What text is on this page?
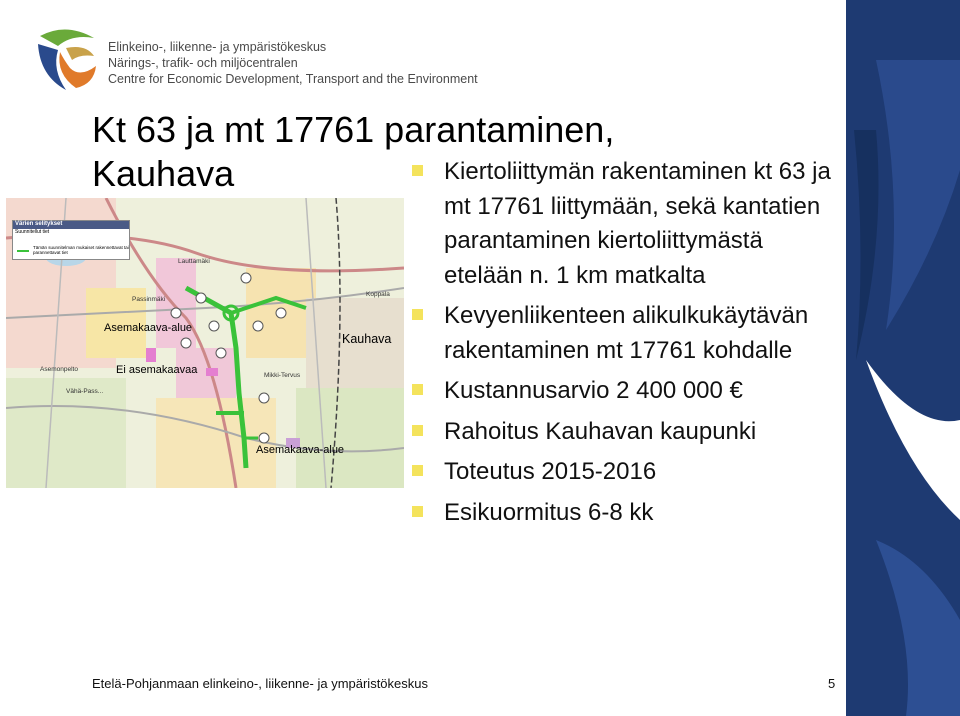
Elinkeino-, liikenne- ja ympäristökeskus
Närings-, trafik- och miljöcentralen
Centre for Economic Development, Transport and the Environment
Kt 63 ja mt 17761 parantaminen,
Kauhava
Värien selitykset
Suunnitellut tiet
Tämän suunnitelman mukaiset rakennettavat tai parannettavat tiet
Asemakaava-alue
Ei asemakaavaa
Asemakaava-alue
Kauhava
Koppala
Passinmäki
Lauttamäki
Asemonpelto
Vähä-Pass...
Mikki-Tervus
Kiertoliittymän rakentaminen kt 63 ja mt 17761 liittymään, sekä kantatien parantaminen kiertoliittymästä etelään n. 1 km matkalta
Kevyenliikenteen alikulkukäytävän rakentaminen mt 17761 kohdalle
Kustannusarvio 2 400 000 €
Rahoitus Kauhavan kaupunki
Toteutus 2015-2016
Esikuormitus 6-8 kk
Etelä-Pohjanmaan elinkeino-, liikenne- ja ympäristökeskus	5
